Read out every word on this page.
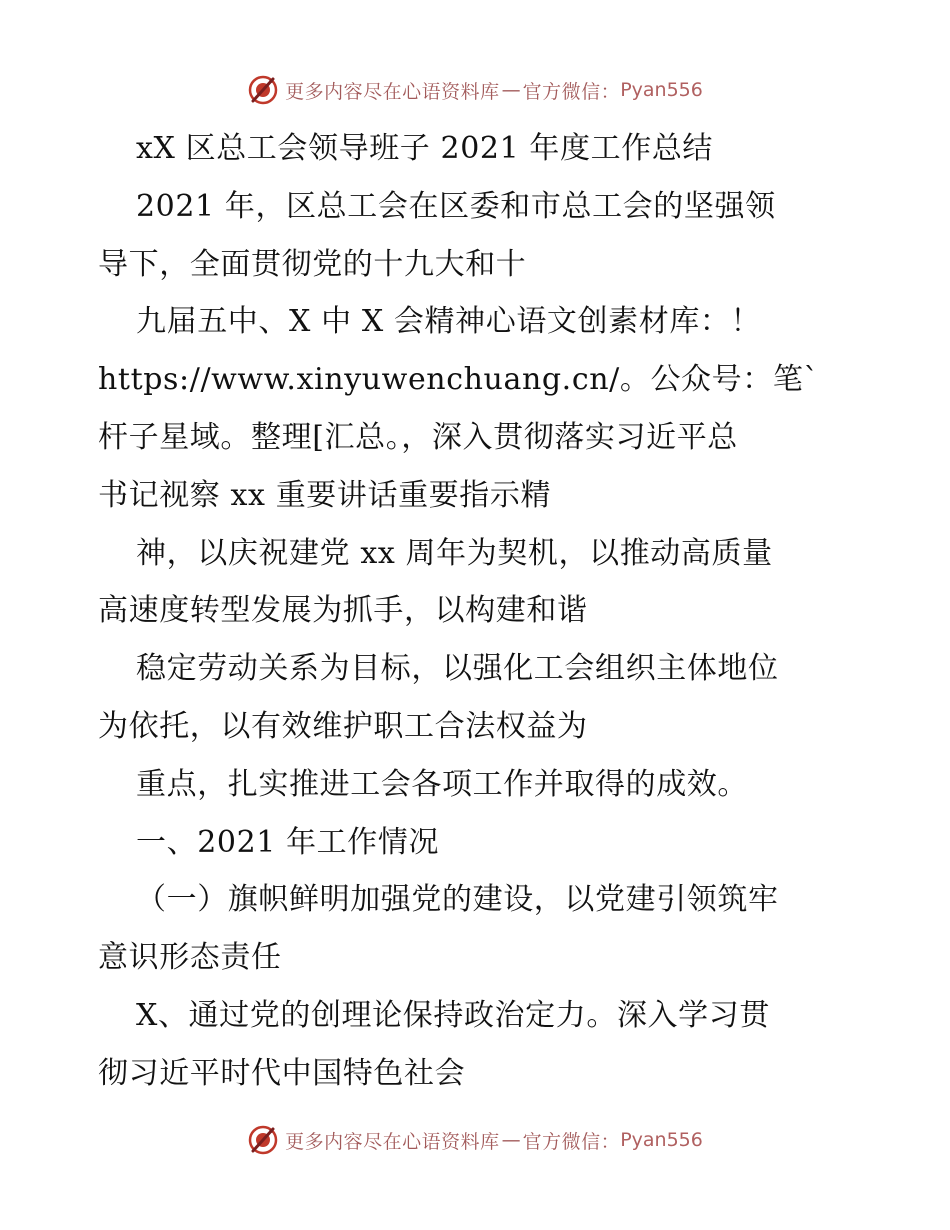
更多内容尽在心语资料库 — 官方微信： Pyan556
xX 区总工会领导班子 2021 年度工作总结
2021 年，区总工会在区委和市总工会的坚强领
导下，全面贯彻党的十九大和十
九届五中、X 中 X 会精神心语文创素材库：！
https://www.xinyuwenchuang.cn/。公众号：笔`
杆子星域。整理[汇总。，深入贯彻落实习近平总
书记视察 xx 重要讲话重要指示精
神，以庆祝建党 xx 周年为契机，以推动高质量
高速度转型发展为抓手，以构建和谐
稳定劳动关系为目标，以强化工会组织主体地位
为依托，以有效维护职工合法权益为
重点，扎实推进工会各项工作并取得的成效。
一、2021 年工作情况
（一）旗帜鲜明加强党的建设，以党建引领筑牢
意识形态责任
X、通过党的创理论保持政治定力。深入学习贯
彻习近平时代中国特色社会
更多内容尽在心语资料库 — 官方微信： Pyan556
